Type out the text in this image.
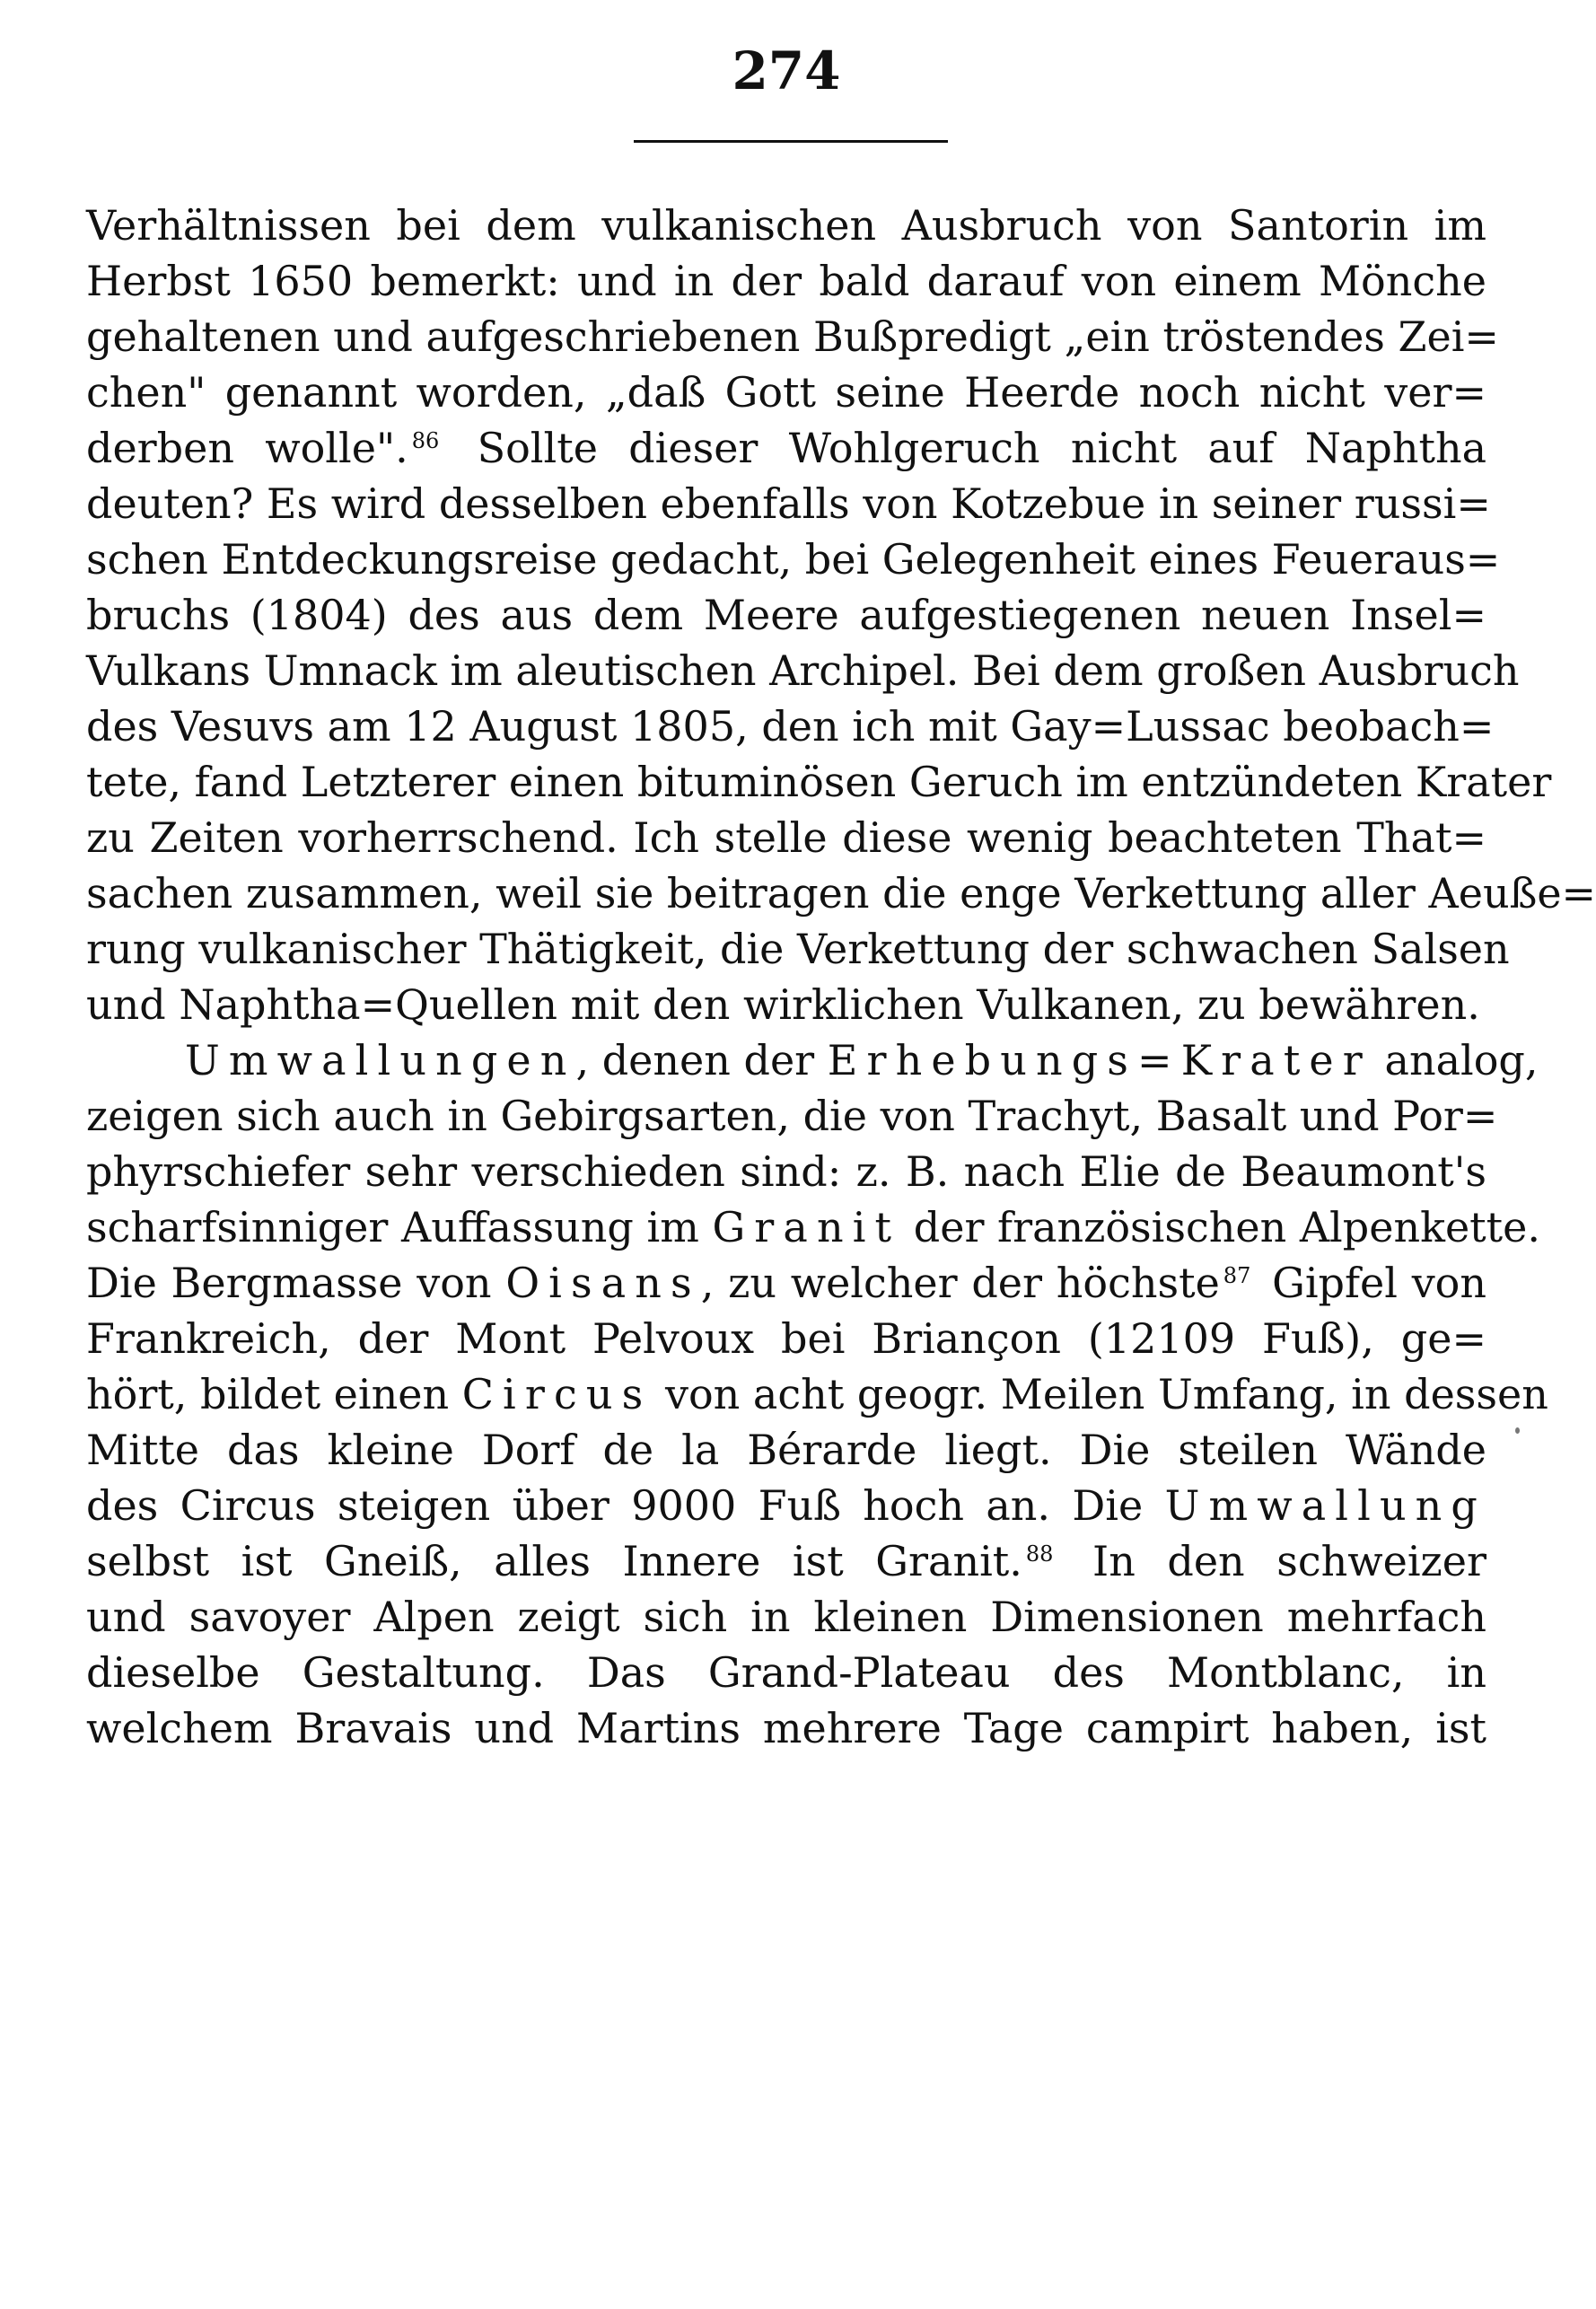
274
Verhältnissen bei dem vulkanischen Ausbruch von Santorin im
Herbst 1650 bemerkt: und in der bald darauf von einem Mönche
gehaltenen und aufgeschriebenen Bußpredigt „ein tröstendes Zei=
chen" genannt worden, „daß Gott seine Heerde noch nicht ver=
derben wolle". $^{86}$ Sollte dieser Wohlgeruch nicht auf Naphtha
deuten? Es wird desselben ebenfalls von Kotzebue in seiner russi=
schen Entdeckungsreise gedacht, bei Gelegenheit eines Feueraus=
bruchs (1804) des aus dem Meere aufgestiegenen neuen Insel=
Vulkans Umnack im aleutischen Archipel. Bei dem großen Ausbruch
des Vesuvs am 12 August 1805, den ich mit Gay=Lussac beobach=
tete, fand Letzterer einen bituminösen Geruch im entzündeten Krater
zu Zeiten vorherrschend. Ich stelle diese wenig beachteten That=
sachen zusammen, weil sie beitragen die enge Verkettung aller Aeuße=
rung vulkanischer Thätigkeit, die Verkettung der schwachen Salsen
und Naphtha=Quellen mit den wirklichen Vulkanen, zu bewähren.
Umwallungen, denen der Erhebungs=Krater analog,
zeigen sich auch in Gebirgsarten, die von Trachyt, Basalt und Por=
phyrschiefer sehr verschieden sind: z. B. nach Elie de Beaumont's
scharfsinniger Auffassung im Granit der französischen Alpenkette.
Die Bergmasse von Oisans, zu welcher der höchste $^{87}$ Gipfel von
Frankreich, der Mont Pelvoux bei Briançon (12109 Fuß), ge=
hört, bildet einen Circus von acht geogr. Meilen Umfang, in dessen
Mitte das kleine Dorf de la Bérarde liegt. Die steilen Wände
des Circus steigen über 9000 Fuß hoch an. Die Umwallung
selbst ist Gneiß, alles Innere ist Granit. $^{88}$ In den schweizer
und savoyer Alpen zeigt sich in kleinen Dimensionen mehrfach
dieselbe Gestaltung. Das Grand-Plateau des Montblanc, in
welchem Bravais und Martins mehrere Tage campirt haben, ist
